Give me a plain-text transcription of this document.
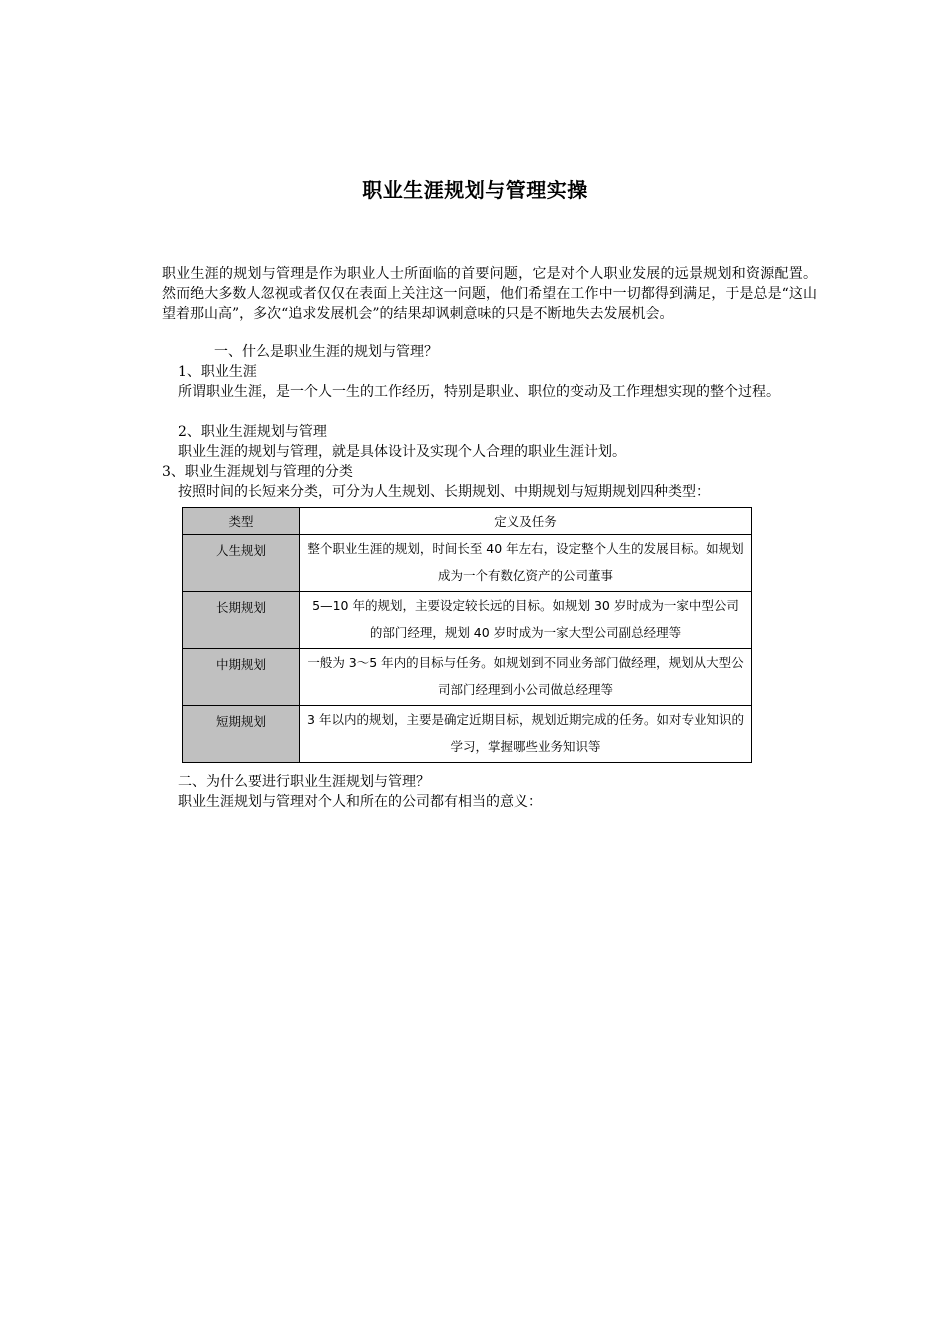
职业生涯规划与管理实操
职业生涯的规划与管理是作为职业人士所面临的首要问题，它是对个人职业发展的远景规划和资源配置。然而绝大多数人忽视或者仅仅在表面上关注这一问题，他们希望在工作中一切都得到满足，于是总是“这山望着那山高”，多次“追求发展机会”的结果却讽刺意味的只是不断地失去发展机会。
一、什么是职业生涯的规划与管理？
1、职业生涯
所谓职业生涯，是一个人一生的工作经历，特别是职业、职位的变动及工作理想实现的整个过程。
2、职业生涯规划与管理
职业生涯的规划与管理，就是具体设计及实现个人合理的职业生涯计划。
3、职业生涯规划与管理的分类
按照时间的长短来分类，可分为人生规划、长期规划、中期规划与短期规划四种类型：
类型	定义及任务
人生规划	整个职业生涯的规划，时间长至 40 年左右，设定整个人生的发展目标。如规划成为一个有数亿资产的公司董事
长期规划	5—10 年的规划，主要设定较长远的目标。如规划 30 岁时成为一家中型公司的部门经理，规划 40 岁时成为一家大型公司副总经理等
中期规划	一般为 3～5 年内的目标与任务。如规划到不同业务部门做经理，规划从大型公司部门经理到小公司做总经理等
短期规划	3 年以内的规划，主要是确定近期目标，规划近期完成的任务。如对专业知识的学习，掌握哪些业务知识等
二、为什么要进行职业生涯规划与管理？
职业生涯规划与管理对个人和所在的公司都有相当的意义：
